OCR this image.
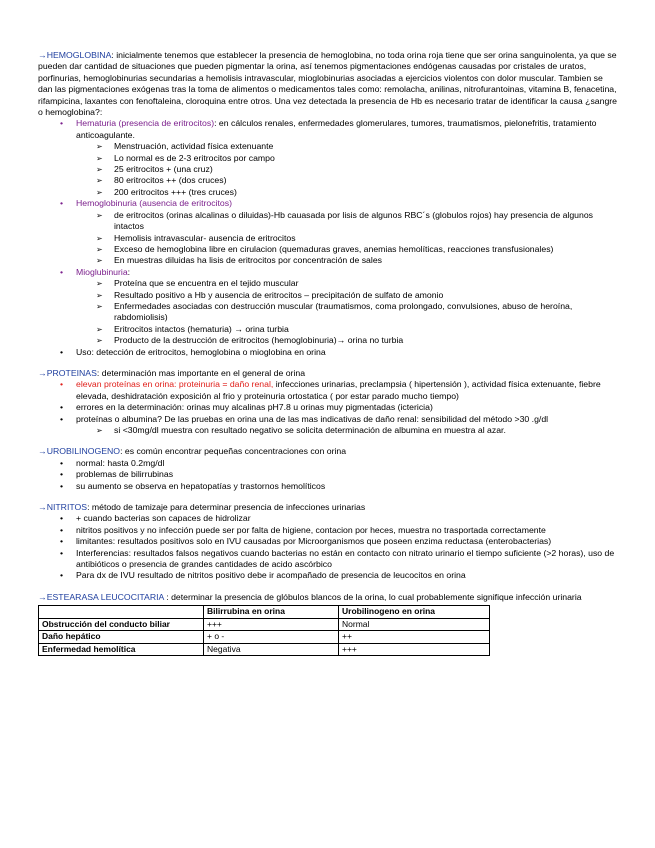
→HEMOGLOBINA: inicialmente tenemos que establecer la presencia de hemoglobina, no toda orina roja tiene que ser orina sanguinolenta, ya que se pueden dar cantidad de situaciones que pueden pigmentar la orina, así tenemos pigmentaciones endógenas causadas por cristales de uratos, porfinurias, hemoglobinurias secundarias a hemolisis intravascular, mioglobinurias asociadas a ejercicios violentos con dolor muscular. Tambien se dan las pigmentaciones exógenas tras la toma de alimentos o medicamentos tales como: remolacha, anilinas, nitrofurantoinas, vitamina B, fenacetina, rifampicina, laxantes con fenoftaleina, cloroquina entre otros. Una vez detectada la presencia de Hb es necesario tratar de identificar la causa ¿sangre o hemoglobina?:

• Hematuria (presencia de eritrocitos): en cálculos renales, enfermedades glomerulares, tumores, traumatismos, pielonefritis, tratamiento anticoagulante.
➢ Menstruación, actividad física extenuante
➢ Lo normal es de 2-3 eritrocitos por campo
➢ 25 eritrocitos + (una cruz)
➢ 80 eritrocitos ++ (dos cruces)
➢ 200 eritrocitos +++ (tres cruces)
• Hemoglobinuria (ausencia de eritrocitos)
➢ de eritrocitos (orinas alcalinas o diluidas)-Hb cauasada por lisis de algunos RBC´s (globulos rojos) hay presencia de algunos intactos
➢ Hemolisis intravascular- ausencia de eritrocitos
➢ Exceso de hemoglobina libre en cirulacion (quemaduras graves, anemias hemolíticas, reacciones transfusionales)
➢ En muestras diluidas ha lisis de eritrocitos por concentración de sales
• Mioglubinuria:
➢ Proteína que se encuentra en el tejido muscular
➢ Resultado positivo a Hb y ausencia de eritrocitos – precipitación de sulfato de amonio
➢ Enfermedades asociadas con destrucción muscular (traumatismos, coma prolongado, convulsiones, abuso de heroína, rabdomiolisis)
➢ Eritrocitos intactos (hematuria) → orina turbia
➢ Producto de la destrucción de eritrocitos (hemoglobinuria)→ orina no turbia
• Uso: detección de eritrocitos, hemoglobina o mioglobina en orina

→PROTEINAS: determinación mas importante en el general de orina

• elevan proteínas en orina: proteinuria = daño renal, infecciones urinarias, preclampsia ( hipertensión ), actividad física extenuante, fiebre elevada, deshidratación exposición al frio y proteinuria ortostatica ( por estar parado mucho tiempo)
• errores en la determinación: orinas muy alcalinas pH7.8 u orinas muy pigmentadas (ictericia)
• proteínas o albumina? De las pruebas en orina una de las mas indicativas de daño renal: sensibilidad del método >30 .g/dl
➢ si <30mg/dl muestra con resultado negativo se solicita determinación de albumina en muestra al azar.

→UROBILINOGENO: es común encontrar pequeñas concentraciones con orina

• normal: hasta 0.2mg/dl
• problemas de bilirrubinas
• su aumento se observa en hepatopatías y trastornos hemolíticos

→NITRITOS: método de tamizaje para determinar presencia de infecciones urinarias

• + cuando bacterias son capaces de hidrolizar
• nitritos positivos y no infección puede ser por falta de higiene, contacion por heces, muestra no trasportada correctamente
• limitantes: resultados positivos solo en IVU causadas por Microorganismos que poseen enzima reductasa (enterobacterias)
• Interferencias: resultados falsos negativos cuando bacterias no están en contacto con nitrato urinario el tiempo suficiente (>2 horas), uso de antibióticos o presencia de grandes cantidades de acido ascórbico
• Para dx de IVU resultado de nitritos positivo debe ir acompañado de presencia de leucocitos en orina

→ESTEARASA LEUCOCITARIA : determinar la presencia de glóbulos blancos de la orina, lo cual probablemente signifique infección urinaria

	Bilirrubina en orina	Urobilinogeno en orina
Obstrucción del conducto biliar	+++	Normal
Daño hepático	+ o -	++
Enfermedad hemolítica	Negativa	+++
